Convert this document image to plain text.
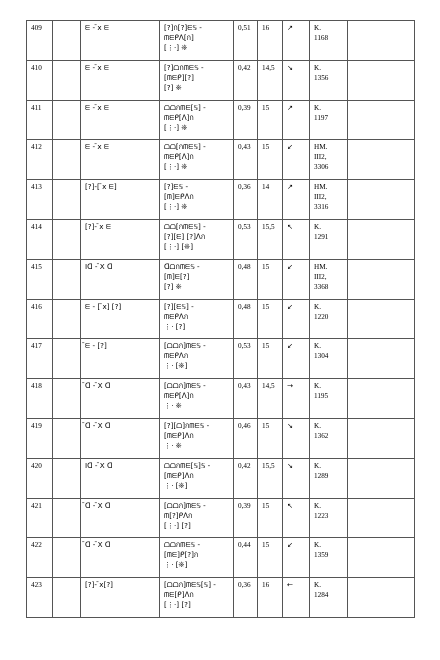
409		ᗴ - ̄x ᗴ	[?]ก[?]ᗴ𝕊 -
ᗰᗴᑭᐱ[ก]
[⋮·] ❊	0,51	16	↗	K.
1168	

410		ᗴ - ̄x ᗴ	[?]ᗝกᗰᗴ𝕊 -
[ᗰᗴᑭ][?]
[?] ❊	0,42	14,5	↘	K.
1356	

411		ᗴ - ̄x ᗴ	ᗝᗝกᗰᗴ[𝕊] -
ᗰᗴᑭ[ᐱ]ก
[⋮·] ❊	0,39	15	↗	K.
1197	

412		ᗴ - ̄x ᗴ	ᗝᗝ[กᗰᗴ𝕊] -
ᗰᗴᑭ[ᐱ]ก
[⋮·] ❊	0,43	15	↙	HM.
III2,
3306	

413		[?]-[ ̄x ᗴ]	[?]ᗴ𝕊 -
[ᗰ]ᗴᑭᐱก
[⋮·] ❊	0,36	14	↗	HM.
III2,
3316	

414		[?]- ̄x ᗴ	ᗝᗝ[กᗰᗴ𝕊] -
[?][ᗴ] [?]ᐱก
[⋮·] [❊]	0,53	15,5	↖	K.
1291	

415		Iᗡ - ̄X ᗡ	ᗡᗝกᗰᗴ𝕊 -
[ᗰ]ᗴ[?]
[?] ❊	0,48	15	↙	HM.
III2,
3368	

416		ᗴ - [ ̄x] [?]	[?][ᗴ𝕊] -
ᗰᗴᑭᐱก
⋮· [?]	0,48	15	↙	K.
1220	

417		̄ᗴ - [?]	[ᗝᗝก]ᗰᗴ𝕊 -
ᗰᗴᑭᐱก
⋮· [❊]	0,53	15	↙	K.
1304	

418		̄ᗡ - ̄X ᗡ	[ᗝᗝก]ᗰᗴ𝕊 -
ᗰᗴᑭ[ᐱ]ก
⋮· ❊	0,43	14,5	→	K.
1195	

419		̄ᗡ - ̄X ᗡ	[?][ᗝ]กᗰᗴ𝕊 -
[ᗰᗴᑭ]ᐱก
⋮· ❊	0,46	15	↘	K.
1362	

420		Iᗡ - ̄X ᗡ	ᗝᗝกᗰᗴ[𝕊]𝕊 -
[ᗰᗴᑭ]ᐱก
⋮· [❊]	0,42	15,5	↘	K.
1289	

421		̄ᗡ - ̄X ᗡ	[ᗝᗝก]ᗰᗴ𝕊 -
ᗰ[?]ᑭᐱก
[⋮·] [?]	0,39	15	↖	K.
1223	

422		̄ᗡ - ̄X ᗡ	ᗝᗝกᗰᗴ𝕊 -
[ᗰᗴ]ᑭ[?]ก
⋮· [❊]	0,44	15	↙	K.
1359	

423		[?]- ̄x[?]	[ᗝᗝก]ᗰᗴ𝕊[𝕊] -
ᗰᗴ[ᑭ]ᐱก
[⋮·] [?]	0,36	16	←	K.
1284	
